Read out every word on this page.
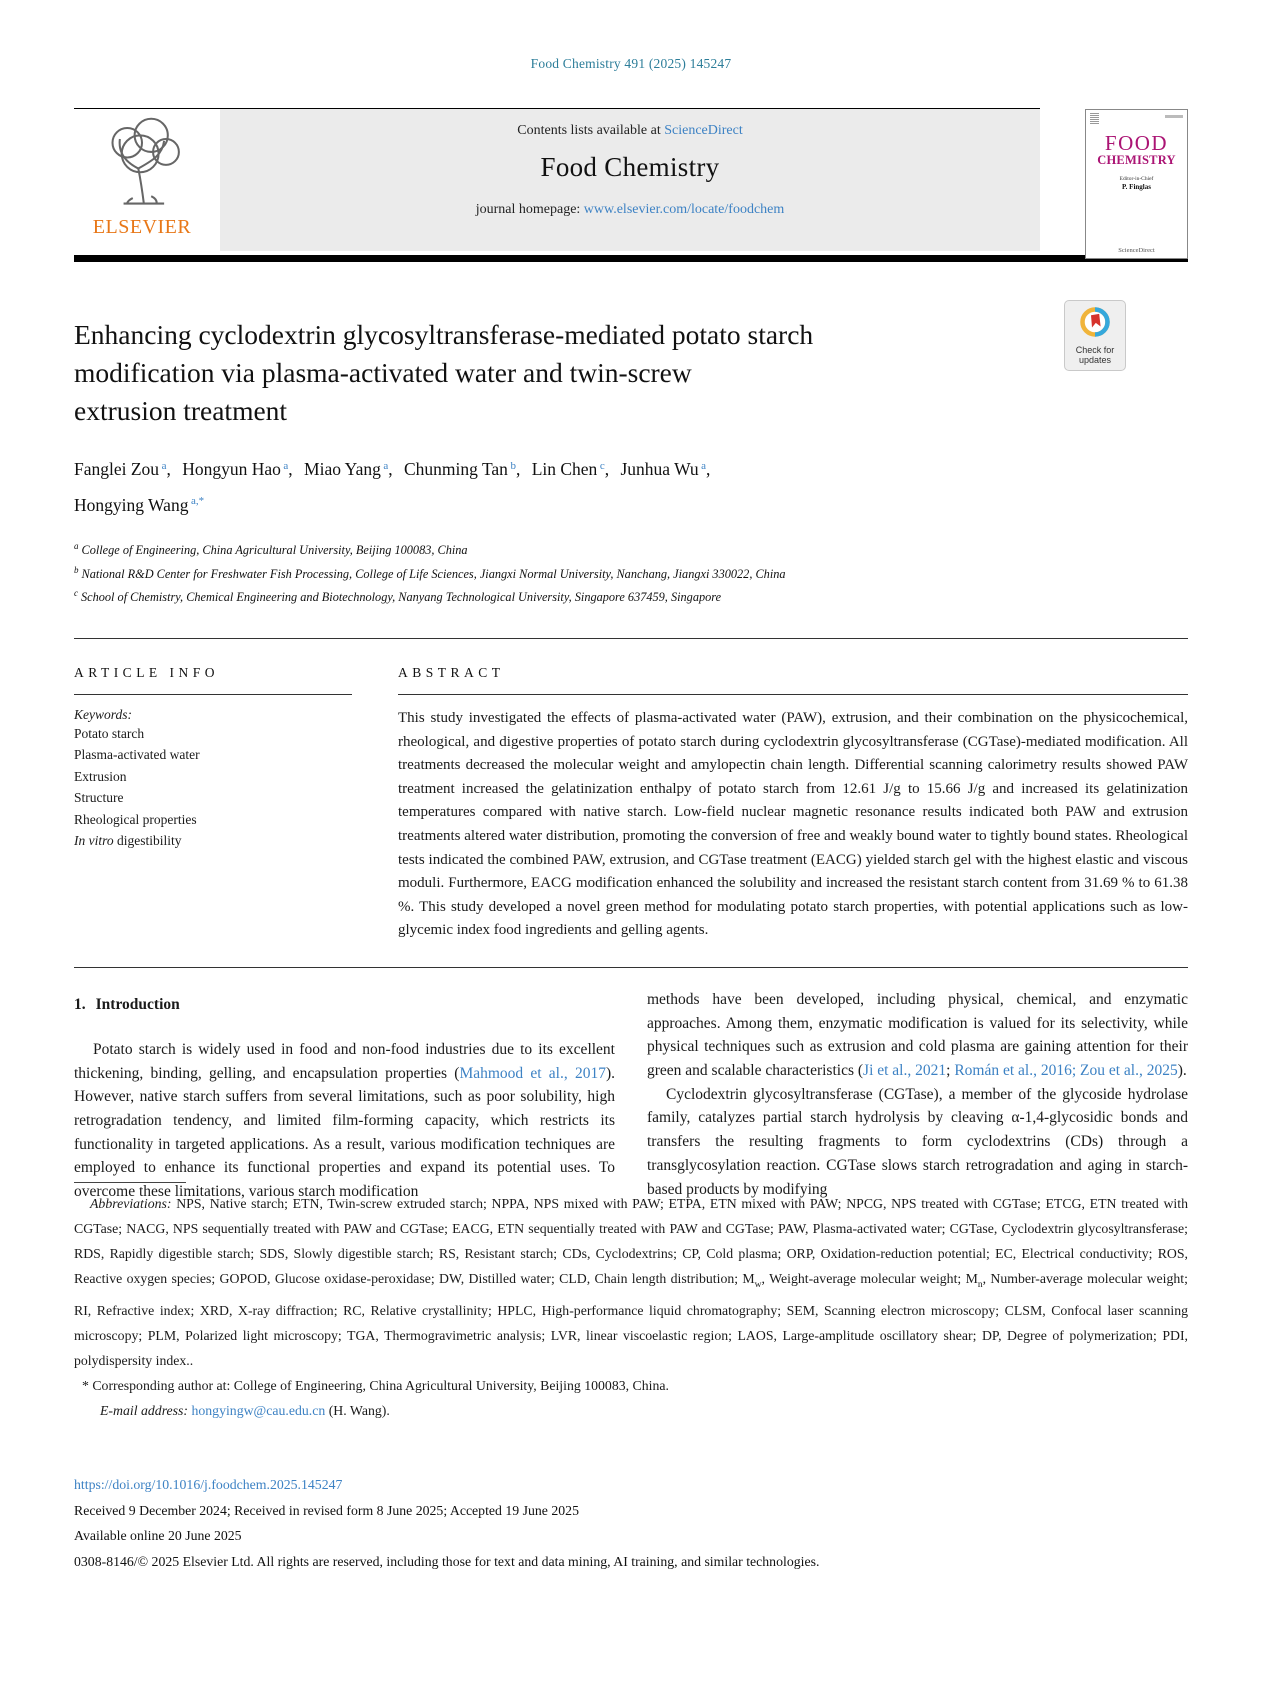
Food Chemistry 491 (2025) 145247
ELSEVIER
Contents lists available at ScienceDirect
Food Chemistry
journal homepage: www.elsevier.com/locate/foodchem
FOOD
CHEMISTRY
Editor-in-Chief
P. Finglas
ScienceDirect
Enhancing cyclodextrin glycosyltransferase-mediated potato starch
modification via plasma-activated water and twin-screw
extrusion treatment
Check for
updates
Fanglei Zou $^a$, Hongyun Hao $^a$, Miao Yang $^a$, Chunming Tan $^b$, Lin Chen $^c$, Junhua Wu $^a$,
Hongying Wang $^{a,*}$
$^a$ College of Engineering, China Agricultural University, Beijing 100083, China
$^b$ National R&D Center for Freshwater Fish Processing, College of Life Sciences, Jiangxi Normal University, Nanchang, Jiangxi 330022, China
$^c$ School of Chemistry, Chemical Engineering and Biotechnology, Nanyang Technological University, Singapore 637459, Singapore
ARTICLE INFO
Keywords:
Potato starch
Plasma-activated water
Extrusion
Structure
Rheological properties
In vitro digestibility
ABSTRACT

This study investigated the effects of plasma-activated water (PAW), extrusion, and their combination on the physicochemical, rheological, and digestive properties of potato starch during cyclodextrin glycosyltransferase (CGTase)-mediated modification. All treatments decreased the molecular weight and amylopectin chain length. Differential scanning calorimetry results showed PAW treatment increased the gelatinization enthalpy of potato starch from 12.61 J/g to 15.66 J/g and increased its gelatinization temperatures compared with native starch. Low-field nuclear magnetic resonance results indicated both PAW and extrusion treatments altered water distribution, promoting the conversion of free and weakly bound water to tightly bound states. Rheological tests indicated the combined PAW, extrusion, and CGTase treatment (EACG) yielded starch gel with the highest elastic and viscous moduli. Furthermore, EACG modification enhanced the solubility and increased the resistant starch content from 31.69 % to 61.38 %. This study developed a novel green method for modulating potato starch properties, with potential applications such as low-glycemic index food ingredients and gelling agents.

1. Introduction

Potato starch is widely used in food and non-food industries due to its excellent thickening, binding, gelling, and encapsulation properties (Mahmood et al., 2017). However, native starch suffers from several limitations, such as poor solubility, high retrogradation tendency, and limited film-forming capacity, which restricts its functionality in targeted applications. As a result, various modification techniques are employed to enhance its functional properties and expand its potential uses. To overcome these limitations, various starch modification

methods have been developed, including physical, chemical, and enzymatic approaches. Among them, enzymatic modification is valued for its selectivity, while physical techniques such as extrusion and cold plasma are gaining attention for their green and scalable characteristics (Ji et al., 2021; Román et al., 2016; Zou et al., 2025).

Cyclodextrin glycosyltransferase (CGTase), a member of the glycoside hydrolase family, catalyzes partial starch hydrolysis by cleaving α-1,4-glycosidic bonds and transfers the resulting fragments to form cyclodextrins (CDs) through a transglycosylation reaction. CGTase slows starch retrogradation and aging in starch-based products by modifying

Abbreviations: NPS, Native starch; ETN, Twin-screw extruded starch; NPPA, NPS mixed with PAW; ETPA, ETN mixed with PAW; NPCG, NPS treated with CGTase; ETCG, ETN treated with CGTase; NACG, NPS sequentially treated with PAW and CGTase; EACG, ETN sequentially treated with PAW and CGTase; PAW, Plasma-activated water; CGTase, Cyclodextrin glycosyltransferase; RDS, Rapidly digestible starch; SDS, Slowly digestible starch; RS, Resistant starch; CDs, Cyclodextrins; CP, Cold plasma; ORP, Oxidation-reduction potential; EC, Electrical conductivity; ROS, Reactive oxygen species; GOPOD, Glucose oxidase-peroxidase; DW, Distilled water; CLD, Chain length distribution; $M_w$, Weight-average molecular weight; $M_n$, Number-average molecular weight; RI, Refractive index; XRD, X-ray diffraction; RC, Relative crystallinity; HPLC, High-performance liquid chromatography; SEM, Scanning electron microscopy; CLSM, Confocal laser scanning microscopy; PLM, Polarized light microscopy; TGA, Thermogravimetric analysis; LVR, linear viscoelastic region; LAOS, Large-amplitude oscillatory shear; DP, Degree of polymerization; PDI, polydispersity index..

* Corresponding author at: College of Engineering, China Agricultural University, Beijing 100083, China.

E-mail address: hongyingw@cau.edu.cn (H. Wang).

https://doi.org/10.1016/j.foodchem.2025.145247
Received 9 December 2024; Received in revised form 8 June 2025; Accepted 19 June 2025
Available online 20 June 2025
0308-8146/© 2025 Elsevier Ltd. All rights are reserved, including those for text and data mining, AI training, and similar technologies.
